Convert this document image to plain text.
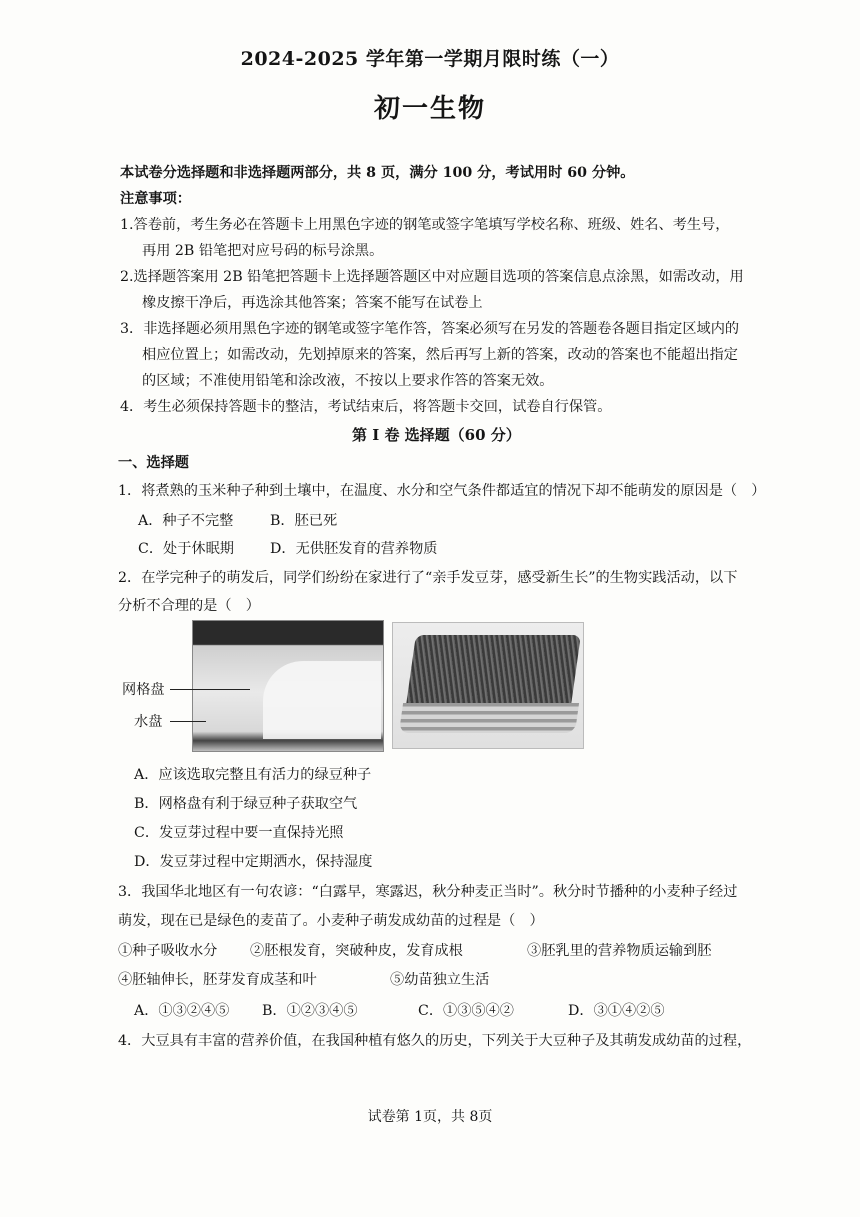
2024-2025 学年第一学期月限时练（一）
初一生物
本试卷分选择题和非选择题两部分，共 8 页，满分 100 分，考试用时 60 分钟。
注意事项：
1.答卷前，考生务必在答题卡上用黑色字迹的钢笔或签字笔填写学校名称、班级、姓名、考生号，
再用 2B 铅笔把对应号码的标号涂黑。
2.选择题答案用 2B 铅笔把答题卡上选择题答题区中对应题目选项的答案信息点涂黑，如需改动，用
橡皮擦干净后，再选涂其他答案；答案不能写在试卷上
3．非选择题必须用黑色字迹的钢笔或签字笔作答，答案必须写在另发的答题卷各题目指定区域内的
相应位置上；如需改动，先划掉原来的答案，然后再写上新的答案，改动的答案也不能超出指定
的区域；不准使用铅笔和涂改液，不按以上要求作答的答案无效。
4．考生必须保持答题卡的整洁，考试结束后，将答题卡交回，试卷自行保管。
第 I 卷 选择题（60 分）
一、选择题
1．将煮熟的玉米种子种到土壤中，在温度、水分和空气条件都适宜的情况下却不能萌发的原因是（　）
A．种子不完整	B．胚已死
C．处于休眠期	D．无供胚发育的营养物质
2．在学完种子的萌发后，同学们纷纷在家进行了“亲手发豆芽，感受新生长”的生物实践活动，以下
分析不合理的是（　）
网格盘
水盘
A．应该选取完整且有活力的绿豆种子
B．网格盘有利于绿豆种子获取空气
C．发豆芽过程中要一直保持光照
D．发豆芽过程中定期洒水，保持湿度
3．我国华北地区有一句农谚：“白露早，寒露迟，秋分种麦正当时”。秋分时节播种的小麦种子经过
萌发，现在已是绿色的麦苗了。小麦种子萌发成幼苗的过程是（　）
①种子吸收水分 ②胚根发育，突破种皮，发育成根	③胚乳里的营养物质运输到胚
④胚轴伸长，胚芽发育成茎和叶	⑤幼苗独立生活
A．①③②④⑤ B．①②③④⑤	C．①③⑤④②	D．③①④②⑤
4．大豆具有丰富的营养价值，在我国种植有悠久的历史，下列关于大豆种子及其萌发成幼苗的过程，
试卷第 1页，共 8页
